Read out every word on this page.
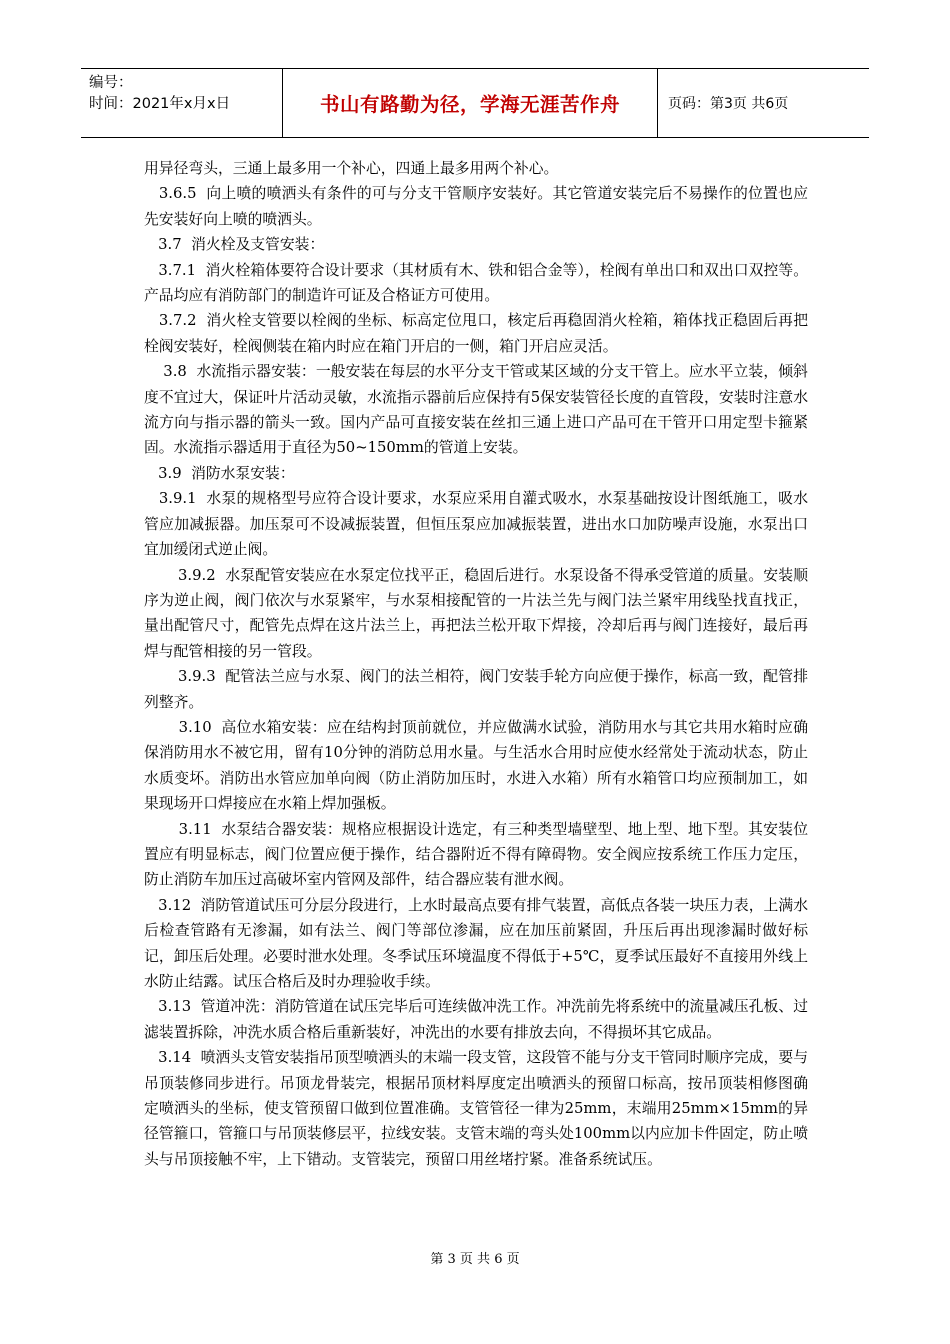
编号：
时间：2021年x月x日	书山有路勤为径，学海无涯苦作舟	页码：第3页 共6页

用异径弯头，三通上最多用一个补心，四通上最多用两个补心。

3.6.5  向上喷的喷洒头有条件的可与分支干管顺序安装好。其它管道安装完后不易操作的位置也应先安装好向上喷的喷洒头。

3.7  消火栓及支管安装：

3.7.1  消火栓箱体要符合设计要求（其材质有木、铁和铝合金等），栓阀有单出口和双出口双控等。产品均应有消防部门的制造许可证及合格证方可使用。

3.7.2  消火栓支管要以栓阀的坐标、标高定位甩口，核定后再稳固消火栓箱，箱体找正稳固后再把栓阀安装好，栓阀侧装在箱内时应在箱门开启的一侧，箱门开启应灵活。

3.8  水流指示器安装：一般安装在每层的水平分支干管或某区域的分支干管上。应水平立装，倾斜度不宜过大，保证叶片活动灵敏，水流指示器前后应保持有5保安装管径长度的直管段，安装时注意水流方向与指示器的箭头一致。国内产品可直接安装在丝扣三通上进口产品可在干管开口用定型卡箍紧固。水流指示器适用于直径为50~150mm的管道上安装。

3.9  消防水泵安装：

3.9.1  水泵的规格型号应符合设计要求，水泵应采用自灌式吸水，水泵基础按设计图纸施工，吸水管应加减振器。加压泵可不设减振装置，但恒压泵应加减振装置，进出水口加防噪声设施，水泵出口宜加缓闭式逆止阀。

3.9.2  水泵配管安装应在水泵定位找平正，稳固后进行。水泵设备不得承受管道的质量。安装顺序为逆止阀，阀门依次与水泵紧牢，与水泵相接配管的一片法兰先与阀门法兰紧牢用线坠找直找正，量出配管尺寸，配管先点焊在这片法兰上，再把法兰松开取下焊接，冷却后再与阀门连接好，最后再焊与配管相接的另一管段。

3.9.3  配管法兰应与水泵、阀门的法兰相符，阀门安装手轮方向应便于操作，标高一致，配管排列整齐。

3.10  高位水箱安装：应在结构封顶前就位，并应做满水试验，消防用水与其它共用水箱时应确保消防用水不被它用，留有10分钟的消防总用水量。与生活水合用时应使水经常处于流动状态，防止水质变坏。消防出水管应加单向阀（防止消防加压时，水进入水箱）所有水箱管口均应预制加工，如果现场开口焊接应在水箱上焊加强板。

3.11  水泵结合器安装：规格应根据设计选定，有三种类型墙壁型、地上型、地下型。其安装位置应有明显标志，阀门位置应便于操作，结合器附近不得有障碍物。安全阀应按系统工作压力定压，防止消防车加压过高破坏室内管网及部件，结合器应装有泄水阀。

3.12  消防管道试压可分层分段进行，上水时最高点要有排气装置，高低点各装一块压力表，上满水后检查管路有无渗漏，如有法兰、阀门等部位渗漏，应在加压前紧固，升压后再出现渗漏时做好标记，卸压后处理。必要时泄水处理。冬季试压环境温度不得低于+5℃，夏季试压最好不直接用外线上水防止结露。试压合格后及时办理验收手续。

3.13  管道冲洗：消防管道在试压完毕后可连续做冲洗工作。冲洗前先将系统中的流量减压孔板、过滤装置拆除，冲洗水质合格后重新装好，冲洗出的水要有排放去向，不得损坏其它成品。

3.14  喷洒头支管安装指吊顶型喷洒头的末端一段支管，这段管不能与分支干管同时顺序完成，要与吊顶装修同步进行。吊顶龙骨装完，根据吊顶材料厚度定出喷洒头的预留口标高，按吊顶装相修图确定喷洒头的坐标，使支管预留口做到位置准确。支管管径一律为25mm，末端用25mm×15mm的异径管箍口，管箍口与吊顶装修层平，拉线安装。支管末端的弯头处100mm以内应加卡件固定，防止喷头与吊顶接触不牢，上下错动。支管装完，预留口用丝堵拧紧。准备系统试压。

第 3 页 共 6 页
